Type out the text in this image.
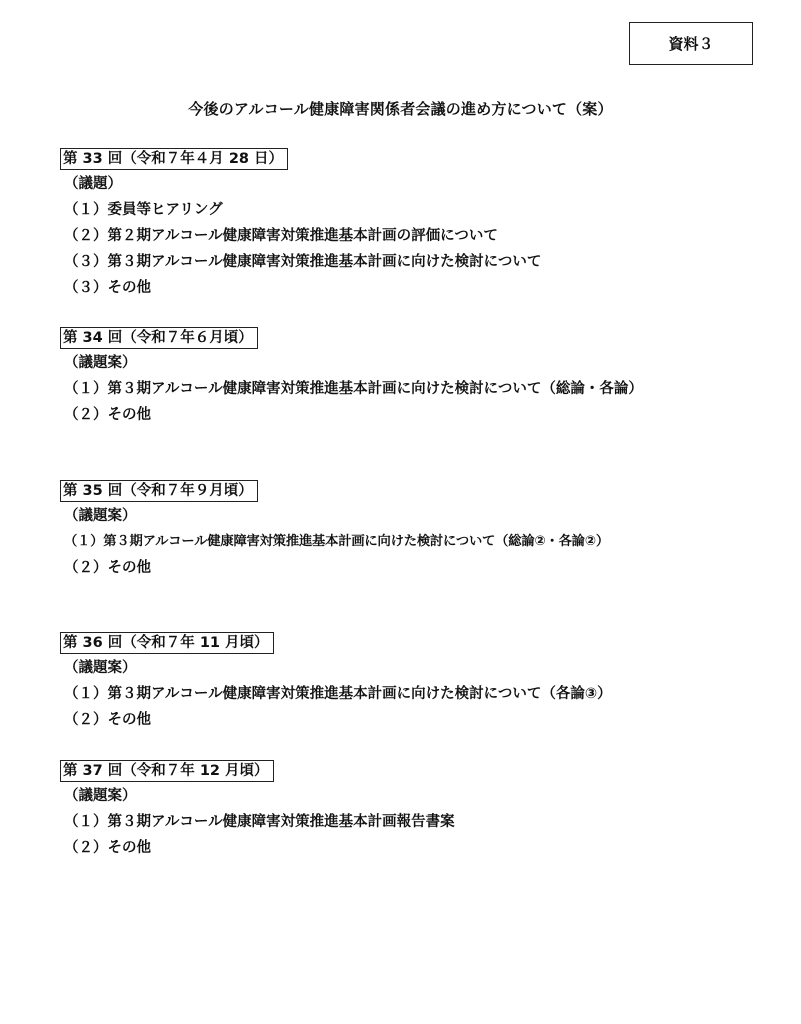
資料３
今後のアルコール健康障害関係者会議の進め方について（案）
第 33 回（令和７年４月 28 日）
（議題）
（１）委員等ヒアリング
（２）第２期アルコール健康障害対策推進基本計画の評価について
（３）第３期アルコール健康障害対策推進基本計画に向けた検討について
（３）その他
第 34 回（令和７年６月頃）
（議題案）
（１）第３期アルコール健康障害対策推進基本計画に向けた検討について（総論・各論）
（２）その他
第 35 回（令和７年９月頃）
（議題案）
（１）第３期アルコール健康障害対策推進基本計画に向けた検討について（総論②・各論②）
（２）その他
第 36 回（令和７年 11 月頃）
（議題案）
（１）第３期アルコール健康障害対策推進基本計画に向けた検討について（各論③）
（２）その他
第 37 回（令和７年 12 月頃）
（議題案）
（１）第３期アルコール健康障害対策推進基本計画報告書案
（２）その他
